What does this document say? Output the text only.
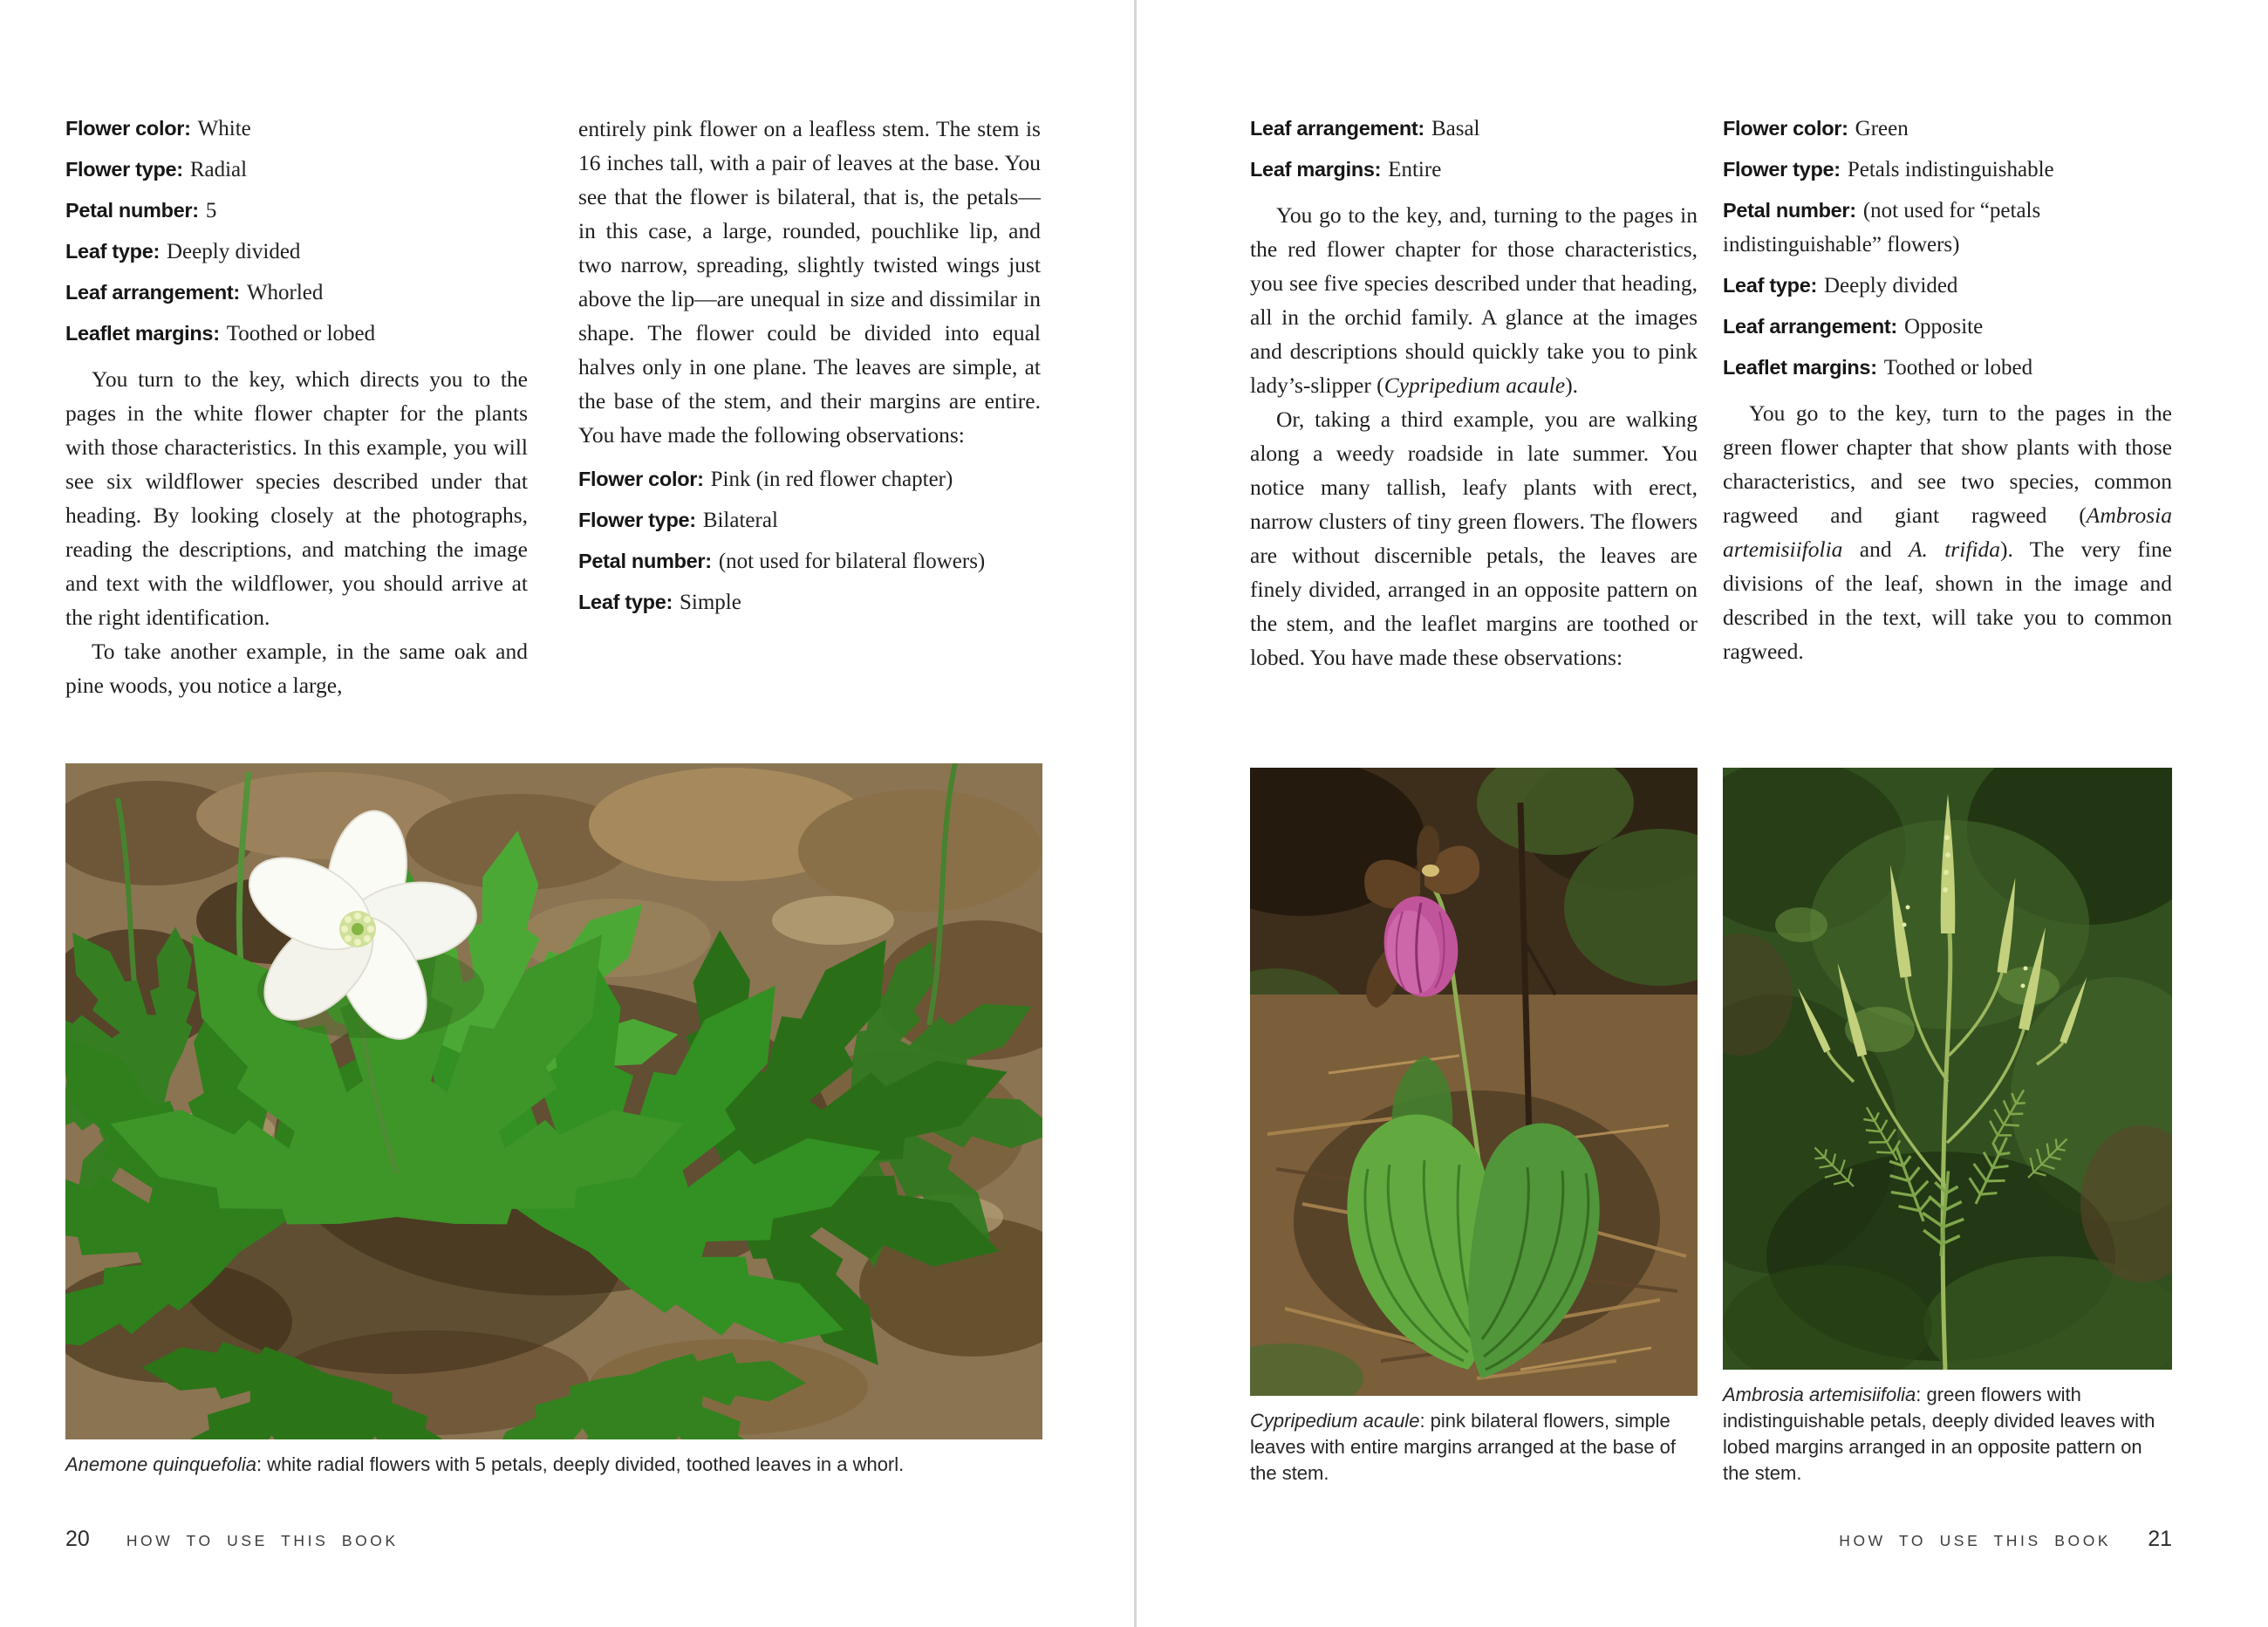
Flower color: White
Flower type: Radial
Petal number: 5
Leaf type: Deeply divided
Leaf arrangement: Whorled
Leaflet margins: Toothed or lobed

You turn to the key, which directs you to the pages in the white flower chapter for the plants with those characteristics. In this example, you will see six wildflower species described under that heading. By looking closely at the photographs, reading the descriptions, and matching the image and text with the wildflower, you should arrive at the right identification.

To take another example, in the same oak and pine woods, you notice a large,

entirely pink flower on a leafless stem. The stem is 16 inches tall, with a pair of leaves at the base. You see that the flower is bilateral, that is, the petals—in this case, a large, rounded, pouchlike lip, and two narrow, spreading, slightly twisted wings just above the lip—are unequal in size and dissimilar in shape. The flower could be divided into equal halves only in one plane. The leaves are simple, at the base of the stem, and their margins are entire. You have made the following observations:

Flower color: Pink (in red flower chapter)
Flower type: Bilateral
Petal number: (not used for bilateral flowers)
Leaf type: Simple
Anemone quinquefolia: white radial flowers with 5 petals, deeply divided, toothed leaves in a whorl.
20 HOW TO USE THIS BOOK
Leaf arrangement: Basal
Leaf margins: Entire

You go to the key, and, turning to the pages in the red flower chapter for those characteristics, you see five species described under that heading, all in the orchid family. A glance at the images and descriptions should quickly take you to pink lady’s-slipper (Cypripedium acaule).

Or, taking a third example, you are walking along a weedy roadside in late summer. You notice many tallish, leafy plants with erect, narrow clusters of tiny green flowers. The flowers are without discernible petals, the leaves are finely divided, arranged in an opposite pattern on the stem, and the leaflet margins are toothed or lobed. You have made these observations:

Flower color: Green
Flower type: Petals indistinguishable
Petal number: (not used for “petals indistinguishable” flowers)
Leaf type: Deeply divided
Leaf arrangement: Opposite
Leaflet margins: Toothed or lobed

You go to the key, turn to the pages in the green flower chapter that show plants with those characteristics, and see two species, common ragweed and giant ragweed (Ambrosia artemisiifolia and A. trifida). The very fine divisions of the leaf, shown in the image and described in the text, will take you to common ragweed.

Cypripedium acaule: pink bilateral flowers, simple leaves with entire margins arranged at the base of the stem.
Ambrosia artemisiifolia: green flowers with indistinguishable petals, deeply divided leaves with lobed margins arranged in an opposite pattern on the stem.
HOW TO USE THIS BOOK 21
